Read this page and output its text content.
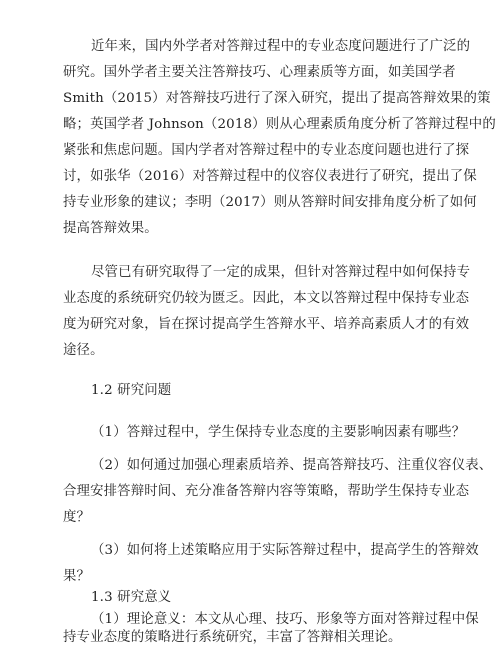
近年来，国内外学者对答辩过程中的专业态度问题进行了广泛的
研究。国外学者主要关注答辩技巧、心理素质等方面，如美国学者
Smith（2015）对答辩技巧进行了深入研究，提出了提高答辩效果的策
略；英国学者 Johnson（2018）则从心理素质角度分析了答辩过程中的
紧张和焦虑问题。国内学者对答辩过程中的专业态度问题也进行了探
讨，如张华（2016）对答辩过程中的仪容仪表进行了研究，提出了保
持专业形象的建议；李明（2017）则从答辩时间安排角度分析了如何
提高答辩效果。
尽管已有研究取得了一定的成果，但针对答辩过程中如何保持专
业态度的系统研究仍较为匮乏。因此，本文以答辩过程中保持专业态
度为研究对象，旨在探讨提高学生答辩水平、培养高素质人才的有效
途径。
1.2 研究问题
（1）答辩过程中，学生保持专业态度的主要影响因素有哪些？
（2）如何通过加强心理素质培养、提高答辩技巧、注重仪容仪表、
合理安排答辩时间、充分准备答辩内容等策略，帮助学生保持专业态
度？
（3）如何将上述策略应用于实际答辩过程中，提高学生的答辩效
果？
1.3 研究意义
（1）理论意义：本文从心理、技巧、形象等方面对答辩过程中保
持专业态度的策略进行系统研究，丰富了答辩相关理论。
